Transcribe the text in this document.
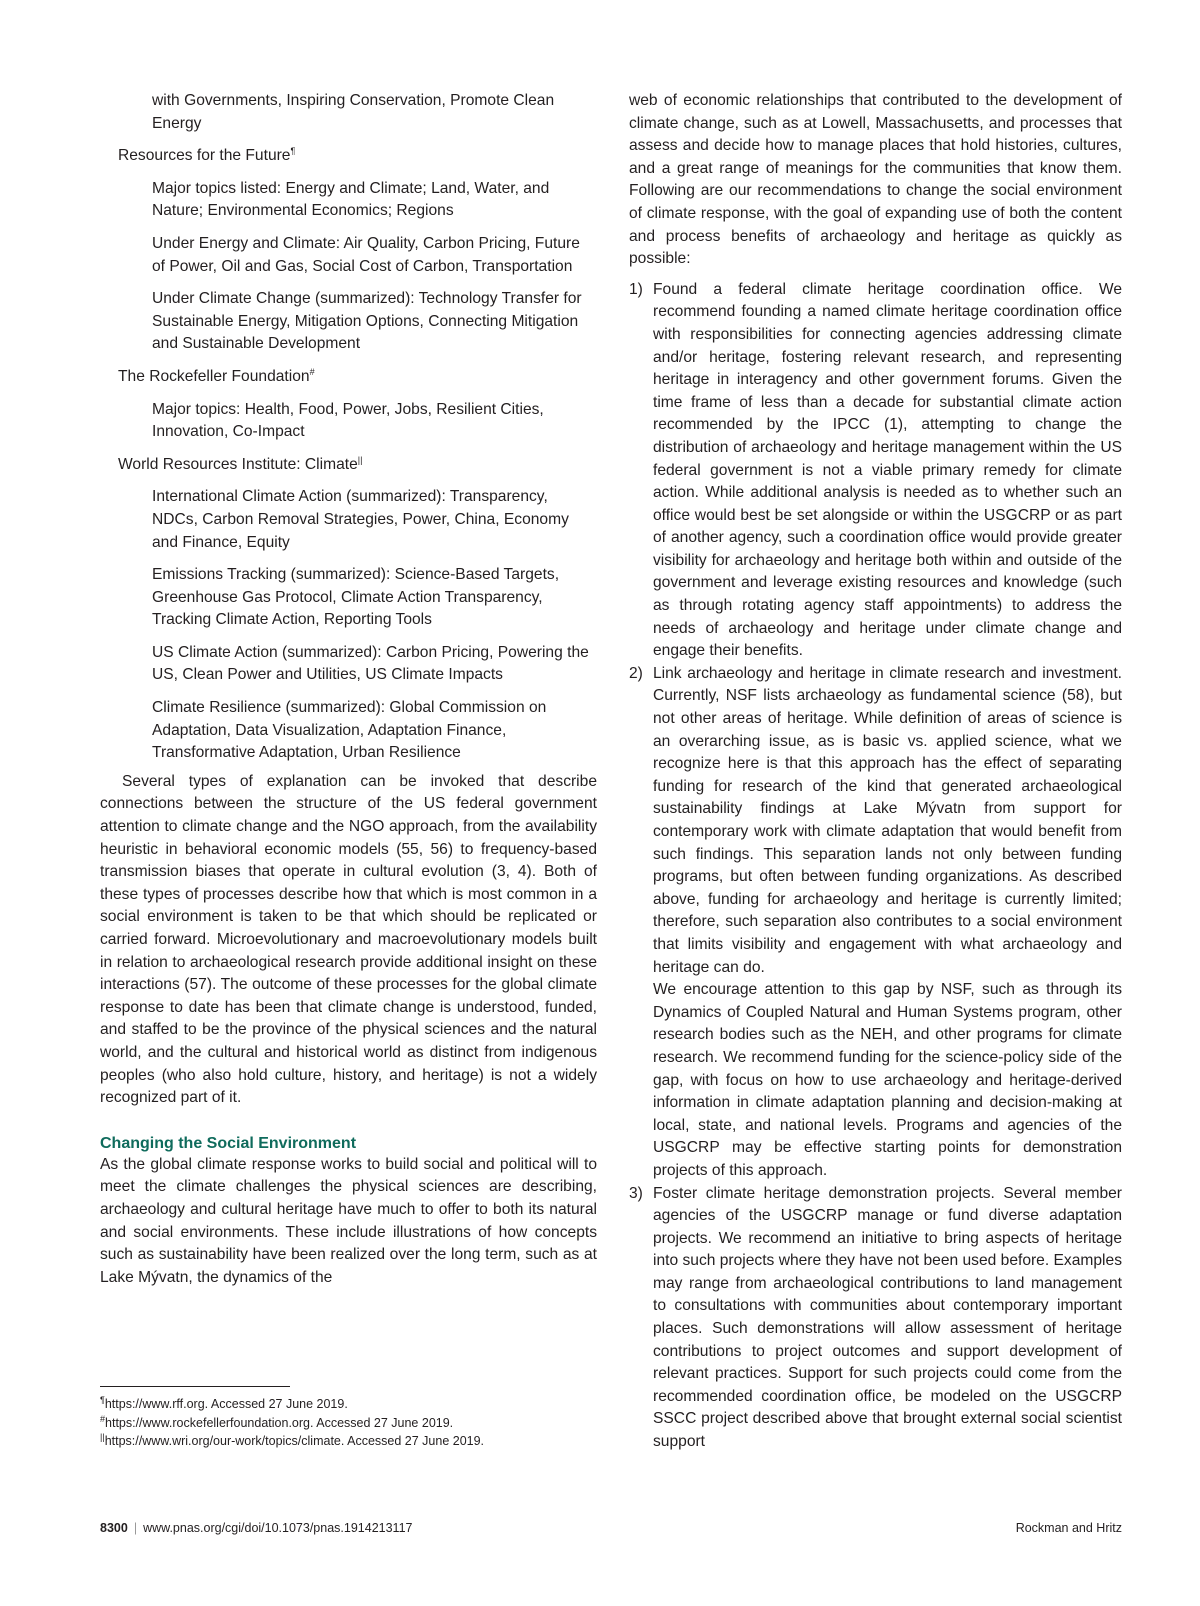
with Governments, Inspiring Conservation, Promote Clean Energy

Resources for the Future¶

Major topics listed: Energy and Climate; Land, Water, and Nature; Environmental Economics; Regions

Under Energy and Climate: Air Quality, Carbon Pricing, Future of Power, Oil and Gas, Social Cost of Carbon, Transportation

Under Climate Change (summarized): Technology Transfer for Sustainable Energy, Mitigation Options, Connecting Mitigation and Sustainable Development

The Rockefeller Foundation#

Major topics: Health, Food, Power, Jobs, Resilient Cities, Innovation, Co-Impact

World Resources Institute: Climate||

International Climate Action (summarized): Transparency, NDCs, Carbon Removal Strategies, Power, China, Economy and Finance, Equity

Emissions Tracking (summarized): Science-Based Targets, Greenhouse Gas Protocol, Climate Action Transparency, Tracking Climate Action, Reporting Tools

US Climate Action (summarized): Carbon Pricing, Powering the US, Clean Power and Utilities, US Climate Impacts

Climate Resilience (summarized): Global Commission on Adaptation, Data Visualization, Adaptation Finance, Transformative Adaptation, Urban Resilience

Several types of explanation can be invoked that describe connections between the structure of the US federal government attention to climate change and the NGO approach, from the availability heuristic in behavioral economic models (55, 56) to frequency-based transmission biases that operate in cultural evolution (3, 4). Both of these types of processes describe how that which is most common in a social environment is taken to be that which should be replicated or carried forward. Microevolutionary and macroevolutionary models built in relation to archaeological research provide additional insight on these interactions (57). The outcome of these processes for the global climate response to date has been that climate change is understood, funded, and staffed to be the province of the physical sciences and the natural world, and the cultural and historical world as distinct from indigenous peoples (who also hold culture, history, and heritage) is not a widely recognized part of it.

Changing the Social Environment

As the global climate response works to build social and political will to meet the climate challenges the physical sciences are describing, archaeology and cultural heritage have much to offer to both its natural and social environments. These include illustrations of how concepts such as sustainability have been realized over the long term, such as at Lake Mývatn, the dynamics of the

web of economic relationships that contributed to the development of climate change, such as at Lowell, Massachusetts, and processes that assess and decide how to manage places that hold histories, cultures, and a great range of meanings for the communities that know them. Following are our recommendations to change the social environment of climate response, with the goal of expanding use of both the content and process benefits of archaeology and heritage as quickly as possible:

1) Found a federal climate heritage coordination office. We recommend founding a named climate heritage coordination office with responsibilities for connecting agencies addressing climate and/or heritage, fostering relevant research, and representing heritage in interagency and other government forums. Given the time frame of less than a decade for substantial climate action recommended by the IPCC (1), attempting to change the distribution of archaeology and heritage management within the US federal government is not a viable primary remedy for climate action. While additional analysis is needed as to whether such an office would best be set alongside or within the USGCRP or as part of another agency, such a coordination office would provide greater visibility for archaeology and heritage both within and outside of the government and leverage existing resources and knowledge (such as through rotating agency staff appointments) to address the needs of archaeology and heritage under climate change and engage their benefits.

2) Link archaeology and heritage in climate research and investment. Currently, NSF lists archaeology as fundamental science (58), but not other areas of heritage. While definition of areas of science is an overarching issue, as is basic vs. applied science, what we recognize here is that this approach has the effect of separating funding for research of the kind that generated archaeological sustainability findings at Lake Mývatn from support for contemporary work with climate adaptation that would benefit from such findings. This separation lands not only between funding programs, but often between funding organizations. As described above, funding for archaeology and heritage is currently limited; therefore, such separation also contributes to a social environment that limits visibility and engagement with what archaeology and heritage can do.

We encourage attention to this gap by NSF, such as through its Dynamics of Coupled Natural and Human Systems program, other research bodies such as the NEH, and other programs for climate research. We recommend funding for the science-policy side of the gap, with focus on how to use archaeology and heritage-derived information in climate adaptation planning and decision-making at local, state, and national levels. Programs and agencies of the USGCRP may be effective starting points for demonstration projects of this approach.

3) Foster climate heritage demonstration projects. Several member agencies of the USGCRP manage or fund diverse adaptation projects. We recommend an initiative to bring aspects of heritage into such projects where they have not been used before. Examples may range from archaeological contributions to land management to consultations with communities about contemporary important places. Such demonstrations will allow assessment of heritage contributions to project outcomes and support development of relevant practices. Support for such projects could come from the recommended coordination office, be modeled on the USGCRP SSCC project described above that brought external social scientist support

¶https://www.rff.org. Accessed 27 June 2019.

#https://www.rockefellerfoundation.org. Accessed 27 June 2019.

||https://www.wri.org/our-work/topics/climate. Accessed 27 June 2019.

8300 | www.pnas.org/cgi/doi/10.1073/pnas.1914213117	Rockman and Hritz
